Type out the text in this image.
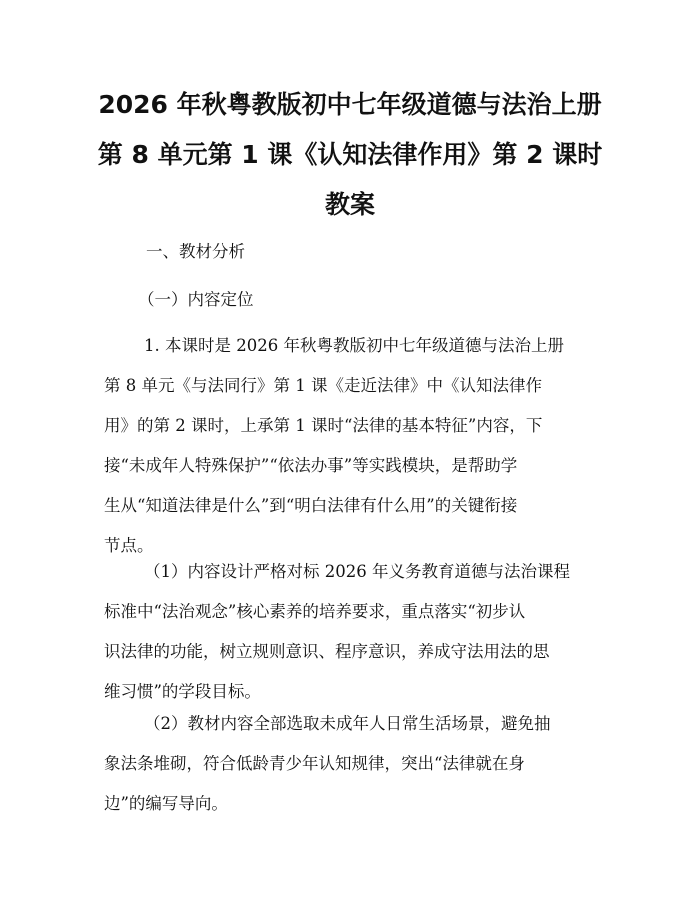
2026 年秋粤教版初中七年级道德与法治上册
第 8 单元第 1 课《认知法律作用》第 2 课时
教案

一、教材分析

（一）内容定位

1. 本课时是 2026 年秋粤教版初中七年级道德与法治上册
第 8 单元《与法同行》第 1 课《走近法律》中《认知法律作
用》的第 2 课时，上承第 1 课时“法律的基本特征”内容，下
接“未成年人特殊保护”“依法办事”等实践模块，是帮助学
生从“知道法律是什么”到“明白法律有什么用”的关键衔接
节点。
（1）内容设计严格对标 2026 年义务教育道德与法治课程
标准中“法治观念”核心素养的培养要求，重点落实“初步认
识法律的功能，树立规则意识、程序意识，养成守法用法的思
维习惯”的学段目标。
（2）教材内容全部选取未成年人日常生活场景，避免抽
象法条堆砌，符合低龄青少年认知规律，突出“法律就在身
边”的编写导向。
